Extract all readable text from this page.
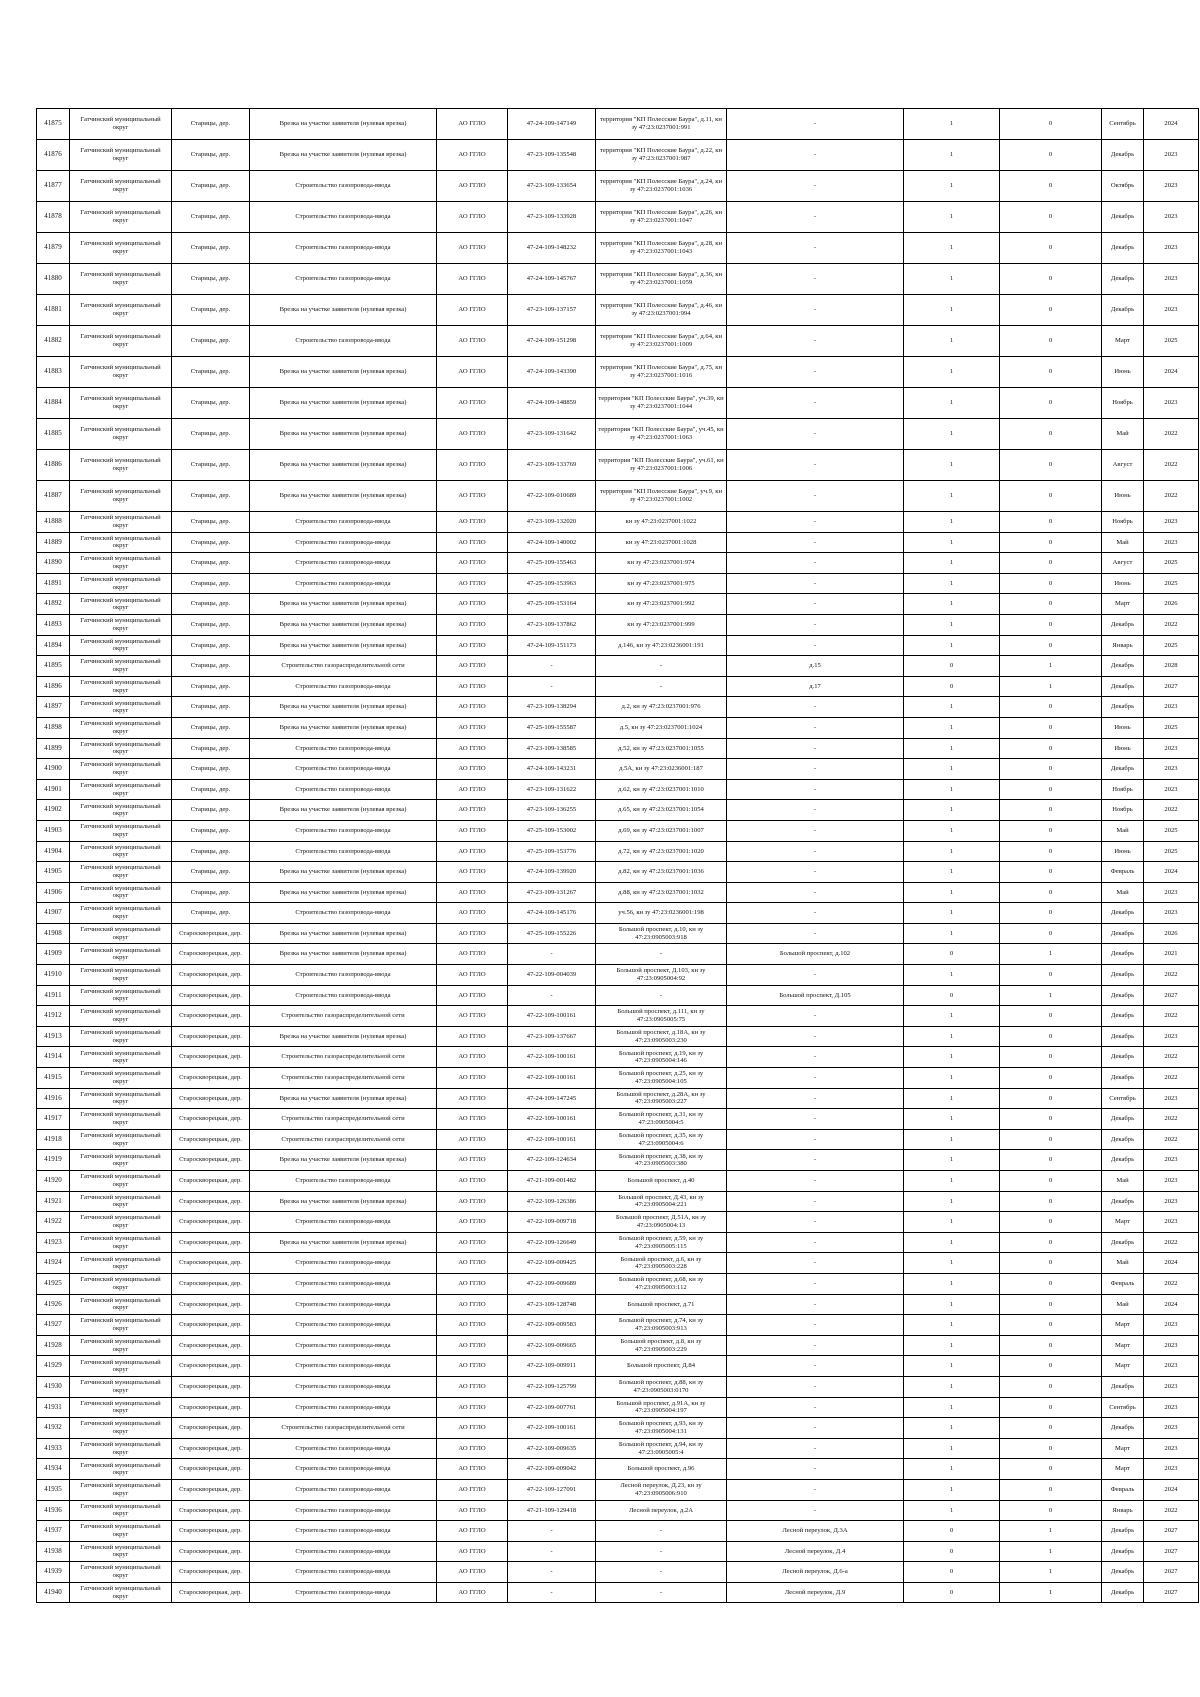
41875	Гатчинский муниципальный округ	Старицы, дер.	Врезка на участке заявителя (нулевая врезка)	АО ГГЛО	47-24-109-147149	территория "КП Полесские Баура", д.11, кн зу 47:23:0237001:991	-	1	0	Сентябрь	2024
41876	Гатчинский муниципальный округ	Старицы, дер.	Врезка на участке заявителя (нулевая врезка)	АО ГГЛО	47-23-109-135548	территория "КП Полесские Баура", д.22, кн зу 47:23:0237001:987	-	1	0	Декабрь	2023
41877	Гатчинский муниципальный округ	Старицы, дер.	Строительство газопровода-ввода	АО ГГЛО	47-23-109-133654	территория "КП Полесские Баура", д.24, кн зу 47:23:0237001:1036	-	1	0	Октябрь	2023
41878	Гатчинский муниципальный округ	Старицы, дер.	Строительство газопровода-ввода	АО ГГЛО	47-23-109-133928	территория "КП Полесские Баура", д.26, кн зу 47:23:0237001:1047	-	1	0	Декабрь	2023
41879	Гатчинский муниципальный округ	Старицы, дер.	Строительство газопровода-ввода	АО ГГЛО	47-24-109-148232	территория "КП Полесские Баура", д.28, кн зу 47:23:0237001:1043	-	1	0	Декабрь	2023
41880	Гатчинский муниципальный округ	Старицы, дер.	Строительство газопровода-ввода	АО ГГЛО	47-24-109-145767	территория "КП Полесские Баура", д.36, кн зу 47:23:0237001:1059	-	1	0	Декабрь	2023
41881	Гатчинский муниципальный округ	Старицы, дер.	Врезка на участке заявителя (нулевая врезка)	АО ГГЛО	47-23-109-137157	территория "КП Полесские Баура", д.46, кн зу 47:23:0237001:994	-	1	0	Декабрь	2023
41882	Гатчинский муниципальный округ	Старицы, дер.	Строительство газопровода-ввода	АО ГГЛО	47-24-109-151298	территория "КП Полесские Баура", д.64, кн зу 47:23:0237001:1009	-	1	0	Март	2025
41883	Гатчинский муниципальный округ	Старицы, дер.	Врезка на участке заявителя (нулевая врезка)	АО ГГЛО	47-24-109-143390	территория "КП Полесские Баура", д.75, кн зу 47:23:0237001:1016	-	1	0	Июнь	2024
41884	Гатчинский муниципальный округ	Старицы, дер.	Врезка на участке заявителя (нулевая врезка)	АО ГГЛО	47-24-109-148859	территория "КП Полесские Баура", уч.39, кн зу 47:23:0237001:1044	-	1	0	Ноябрь	2023
41885	Гатчинский муниципальный округ	Старицы, дер.	Врезка на участке заявителя (нулевая врезка)	АО ГГЛО	47-23-109-131642	территория "КП Полесские Баура", уч.45, кн зу 47:23:0237001:1063	-	1	0	Май	2022
41886	Гатчинский муниципальный округ	Старицы, дер.	Врезка на участке заявителя (нулевая врезка)	АО ГГЛО	47-23-109-133769	территория "КП Полесские Баура", уч.61, кн зу 47:23:0237001:1006	-	1	0	Август	2022
41887	Гатчинский муниципальный округ	Старицы, дер.	Врезка на участке заявителя (нулевая врезка)	АО ГГЛО	47-22-109-010689	территория "КП Полесские Баура", уч.9, кн зу 47:23:0237001:1002	-	1	0	Июнь	2022
41888	Гатчинский муниципальный округ	Старицы, дер.	Строительство газопровода-ввода	АО ГГЛО	47-23-109-132020	кн зу 47:23:0237001:1022	-	1	0	Ноябрь	2023
41889	Гатчинский муниципальный округ	Старицы, дер.	Строительство газопровода-ввода	АО ГГЛО	47-24-109-140002	кн зу 47:23:0237001:1028	-	1	0	Май	2023
41890	Гатчинский муниципальный округ	Старицы, дер.	Строительство газопровода-ввода	АО ГГЛО	47-25-109-155463	кн зу 47:23:0237001:974	-	1	0	Август	2025
41891	Гатчинский муниципальный округ	Старицы, дер.	Строительство газопровода-ввода	АО ГГЛО	47-25-109-153963	кн зу 47:23:0237001:975	-	1	0	Июнь	2025
41892	Гатчинский муниципальный округ	Старицы, дер.	Врезка на участке заявителя (нулевая врезка)	АО ГГЛО	47-25-109-153164	кн зу 47:23:0237001:992	-	1	0	Март	2026
41893	Гатчинский муниципальный округ	Старицы, дер.	Врезка на участке заявителя (нулевая врезка)	АО ГГЛО	47-23-109-137862	кн зу 47:23:0237001:999	-	1	0	Декабрь	2022
41894	Гатчинский муниципальный округ	Старицы, дер.	Врезка на участке заявителя (нулевая врезка)	АО ГГЛО	47-24-109-151173	д.146, кн зу 47:23:0236001:191	-	1	0	Январь	2025
41895	Гатчинский муниципальный округ	Старицы, дер.	Строительство газораспределительной сети	АО ГГЛО	-	-	д.15	0	1	Декабрь	2028
41896	Гатчинский муниципальный округ	Старицы, дер.	Строительство газопровода-ввода	АО ГГЛО	-	-	д.17	0	1	Декабрь	2027
41897	Гатчинский муниципальный округ	Старицы, дер.	Врезка на участке заявителя (нулевая врезка)	АО ГГЛО	47-23-109-138294	д.2, кн зу 47:23:0237001:976	-	1	0	Декабрь	2023
41898	Гатчинский муниципальный округ	Старицы, дер.	Врезка на участке заявителя (нулевая врезка)	АО ГГЛО	47-25-109-155587	д.5, кн зу 47:23:0237001:1024	-	1	0	Июнь	2025
41899	Гатчинский муниципальный округ	Старицы, дер.	Строительство газопровода-ввода	АО ГГЛО	47-23-109-138585	д.52, кн зу 47:23:0237001:1055	-	1	0	Июнь	2023
41900	Гатчинский муниципальный округ	Старицы, дер.	Строительство газопровода-ввода	АО ГГЛО	47-24-109-143231	д.5А, кн зу 47:23:0236001:187	-	1	0	Декабрь	2023
41901	Гатчинский муниципальный округ	Старицы, дер.	Строительство газопровода-ввода	АО ГГЛО	47-23-109-131622	д.62, кн зу 47:23:0237001:1010	-	1	0	Ноябрь	2023
41902	Гатчинский муниципальный округ	Старицы, дер.	Врезка на участке заявителя (нулевая врезка)	АО ГГЛО	47-23-109-136255	д.65, кн зу 47:23:0237001:1054	-	1	0	Ноябрь	2022
41903	Гатчинский муниципальный округ	Старицы, дер.	Строительство газопровода-ввода	АО ГГЛО	47-25-109-153002	д.69, кн зу 47:23:0237001:1007	-	1	0	Май	2025
41904	Гатчинский муниципальный округ	Старицы, дер.	Строительство газопровода-ввода	АО ГГЛО	47-25-109-153776	д.72, кн зу 47:23:0237001:1020	-	1	0	Июнь	2025
41905	Гатчинский муниципальный округ	Старицы, дер.	Врезка на участке заявителя (нулевая врезка)	АО ГГЛО	47-24-109-139920	д.82, кн зу 47:23:0237001:1036	-	1	0	Февраль	2024
41906	Гатчинский муниципальный округ	Старицы, дер.	Врезка на участке заявителя (нулевая врезка)	АО ГГЛО	47-23-109-131267	д.88, кн зу 47:23:0237001:1032	-	1	0	Май	2023
41907	Гатчинский муниципальный округ	Старицы, дер.	Строительство газопровода-ввода	АО ГГЛО	47-24-109-145176	уч.56, кн зу 47:23:0236001:198	-	1	0	Декабрь	2023
41908	Гатчинский муниципальный округ	Староскворецкая, дер.	Врезка на участке заявителя (нулевая врезка)	АО ГГЛО	47-25-109-155226	Большой проспект, д.10, кн зу 47:23:0905003:918	-	1	0	Декабрь	2026
41909	Гатчинский муниципальный округ	Староскворецкая, дер.	Врезка на участке заявителя (нулевая врезка)	АО ГГЛО	-	-	Большой проспект, д.102	0	1	Декабрь	2021
41910	Гатчинский муниципальный округ	Староскворецкая, дер.	Строительство газопровода-ввода	АО ГГЛО	47-22-109-004039	Большой проспект, Д.103, кн зу 47:23:0905004:92	-	1	0	Декабрь	2022
41911	Гатчинский муниципальный округ	Староскворецкая, дер.	Строительство газопровода-ввода	АО ГГЛО	-	-	Большой проспект, Д.105	0	1	Декабрь	2027
41912	Гатчинский муниципальный округ	Староскворецкая, дер.	Строительство газораспределительной сети	АО ГГЛО	47-22-109-100161	Большой проспект, д.111, кн зу 47:23:0905005:75	-	1	0	Декабрь	2022
41913	Гатчинский муниципальный округ	Староскворецкая, дер.	Врезка на участке заявителя (нулевая врезка)	АО ГГЛО	47-23-109-137667	Большой проспект, д.18А, кн зу 47:23:0905003:230	-	1	0	Декабрь	2023
41914	Гатчинский муниципальный округ	Староскворецкая, дер.	Строительство газораспределительной сети	АО ГГЛО	47-22-109-100161	Большой проспект, д.19, кн зу 47:23:0905004:146	-	1	0	Декабрь	2022
41915	Гатчинский муниципальный округ	Староскворецкая, дер.	Строительство газораспределительной сети	АО ГГЛО	47-22-109-100161	Большой проспект, д.25, кн зу 47:23:0905004:105	-	1	0	Декабрь	2022
41916	Гатчинский муниципальный округ	Староскворецкая, дер.	Врезка на участке заявителя (нулевая врезка)	АО ГГЛО	47-24-109-147245	Большой проспект, д.28А, кн зу 47:23:0905003:227	-	1	0	Сентябрь	2023
41917	Гатчинский муниципальный округ	Староскворецкая, дер.	Строительство газораспределительной сети	АО ГГЛО	47-22-109-100161	Большой проспект, д.31, кн зу 47:23:0905004:5	-	1	0	Декабрь	2022
41918	Гатчинский муниципальный округ	Староскворецкая, дер.	Строительство газораспределительной сети	АО ГГЛО	47-22-109-100161	Большой проспект, д.35, кн зу 47:23:0905004:6	-	1	0	Декабрь	2022
41919	Гатчинский муниципальный округ	Староскворецкая, дер.	Врезка на участке заявителя (нулевая врезка)	АО ГГЛО	47-22-109-124634	Большой проспект, д.38, кн зу 47:23:0905003:380	-	1	0	Декабрь	2023
41920	Гатчинский муниципальный округ	Староскворецкая, дер.	Строительство газопровода-ввода	АО ГГЛО	47-21-109-001482	Большой проспект, д.40	-	1	0	Май	2023
41921	Гатчинский муниципальный округ	Староскворецкая, дер.	Врезка на участке заявителя (нулевая врезка)	АО ГГЛО	47-22-109-126386	Большой проспект, Д.43, кн зу 47:23:0905004:221	-	1	0	Декабрь	2023
41922	Гатчинский муниципальный округ	Староскворецкая, дер.	Строительство газопровода-ввода	АО ГГЛО	47-22-109-009718	Большой проспект, Д.51А, кн зу 47:23:0905004:13	-	1	0	Март	2023
41923	Гатчинский муниципальный округ	Староскворецкая, дер.	Врезка на участке заявителя (нулевая врезка)	АО ГГЛО	47-22-109-126649	Большой проспект, д.59, кн зу 47:23:0905005:115	-	1	0	Декабрь	2022
41924	Гатчинский муниципальный округ	Староскворецкая, дер.	Строительство газопровода-ввода	АО ГГЛО	47-22-109-009425	Большой проспект, д.6, кн зу 47:23:0905003:228	-	1	0	Май	2024
41925	Гатчинский муниципальный округ	Староскворецкая, дер.	Строительство газопровода-ввода	АО ГГЛО	47-22-109-009689	Большой проспект, д.68, кн зу 47:23:0905003:112	-	1	0	Февраль	2022
41926	Гатчинский муниципальный округ	Староскворецкая, дер.	Строительство газопровода-ввода	АО ГГЛО	47-23-109-128748	Большой проспект, д.71	-	1	0	Май	2024
41927	Гатчинский муниципальный округ	Староскворецкая, дер.	Строительство газопровода-ввода	АО ГГЛО	47-22-109-009583	Большой проспект, д.74, кн зу 47:23:0905003:913	-	1	0	Март	2023
41928	Гатчинский муниципальный округ	Староскворецкая, дер.	Строительство газопровода-ввода	АО ГГЛО	47-22-109-009665	Большой проспект, д.8, кн зу 47:23:0905003:229	-	1	0	Март	2023
41929	Гатчинский муниципальный округ	Староскворецкая, дер.	Строительство газопровода-ввода	АО ГГЛО	47-22-109-009911	Большой проспект, Д.84	-	1	0	Март	2023
41930	Гатчинский муниципальный округ	Староскворецкая, дер.	Строительство газопровода-ввода	АО ГГЛО	47-22-109-125799	Большой проспект, д.88, кн зу 47:23:0905003:0170	-	1	0	Декабрь	2023
41931	Гатчинский муниципальный округ	Староскворецкая, дер.	Строительство газопровода-ввода	АО ГГЛО	47-22-109-007761	Большой проспект, д.91А, кн зу 47:23:0905004:197	-	1	0	Сентябрь	2023
41932	Гатчинский муниципальный округ	Староскворецкая, дер.	Строительство газораспределительной сети	АО ГГЛО	47-22-109-100161	Большой проспект, д.93, кн зу 47:23:0905004:131	-	1	0	Декабрь	2023
41933	Гатчинский муниципальный округ	Староскворецкая, дер.	Строительство газопровода-ввода	АО ГГЛО	47-22-109-009635	Большой проспект, д.94, кн зу 47:23:0905005:4	-	1	0	Март	2023
41934	Гатчинский муниципальный округ	Староскворецкая, дер.	Строительство газопровода-ввода	АО ГГЛО	47-22-109-009042	Большой проспект, д.96	-	1	0	Март	2023
41935	Гатчинский муниципальный округ	Староскворецкая, дер.	Строительство газопровода-ввода	АО ГГЛО	47-22-109-127091	Лесной переулок, Д.23, кн зу 47:23:0905006:910	-	1	0	Февраль	2024
41936	Гатчинский муниципальный округ	Староскворецкая, дер.	Строительство газопровода-ввода	АО ГГЛО	47-21-109-129418	Лесной переулок, д.2А	-	1	0	Январь	2022
41937	Гатчинский муниципальный округ	Староскворецкая, дер.	Строительство газопровода-ввода	АО ГГЛО	-	-	Лесной переулок, Д.3А	0	1	Декабрь	2027
41938	Гатчинский муниципальный округ	Староскворецкая, дер.	Строительство газопровода-ввода	АО ГГЛО	-	-	Лесной переулок, Д.4	0	1	Декабрь	2027
41939	Гатчинский муниципальный округ	Староскворецкая, дер.	Строительство газопровода-ввода	АО ГГЛО	-	-	Лесной переулок, Д.6-а	0	1	Декабрь	2027
41940	Гатчинский муниципальный округ	Староскворецкая, дер.	Строительство газопровода-ввода	АО ГГЛО	-	-	Лесной переулок, Д.9	0	1	Декабрь	2027
